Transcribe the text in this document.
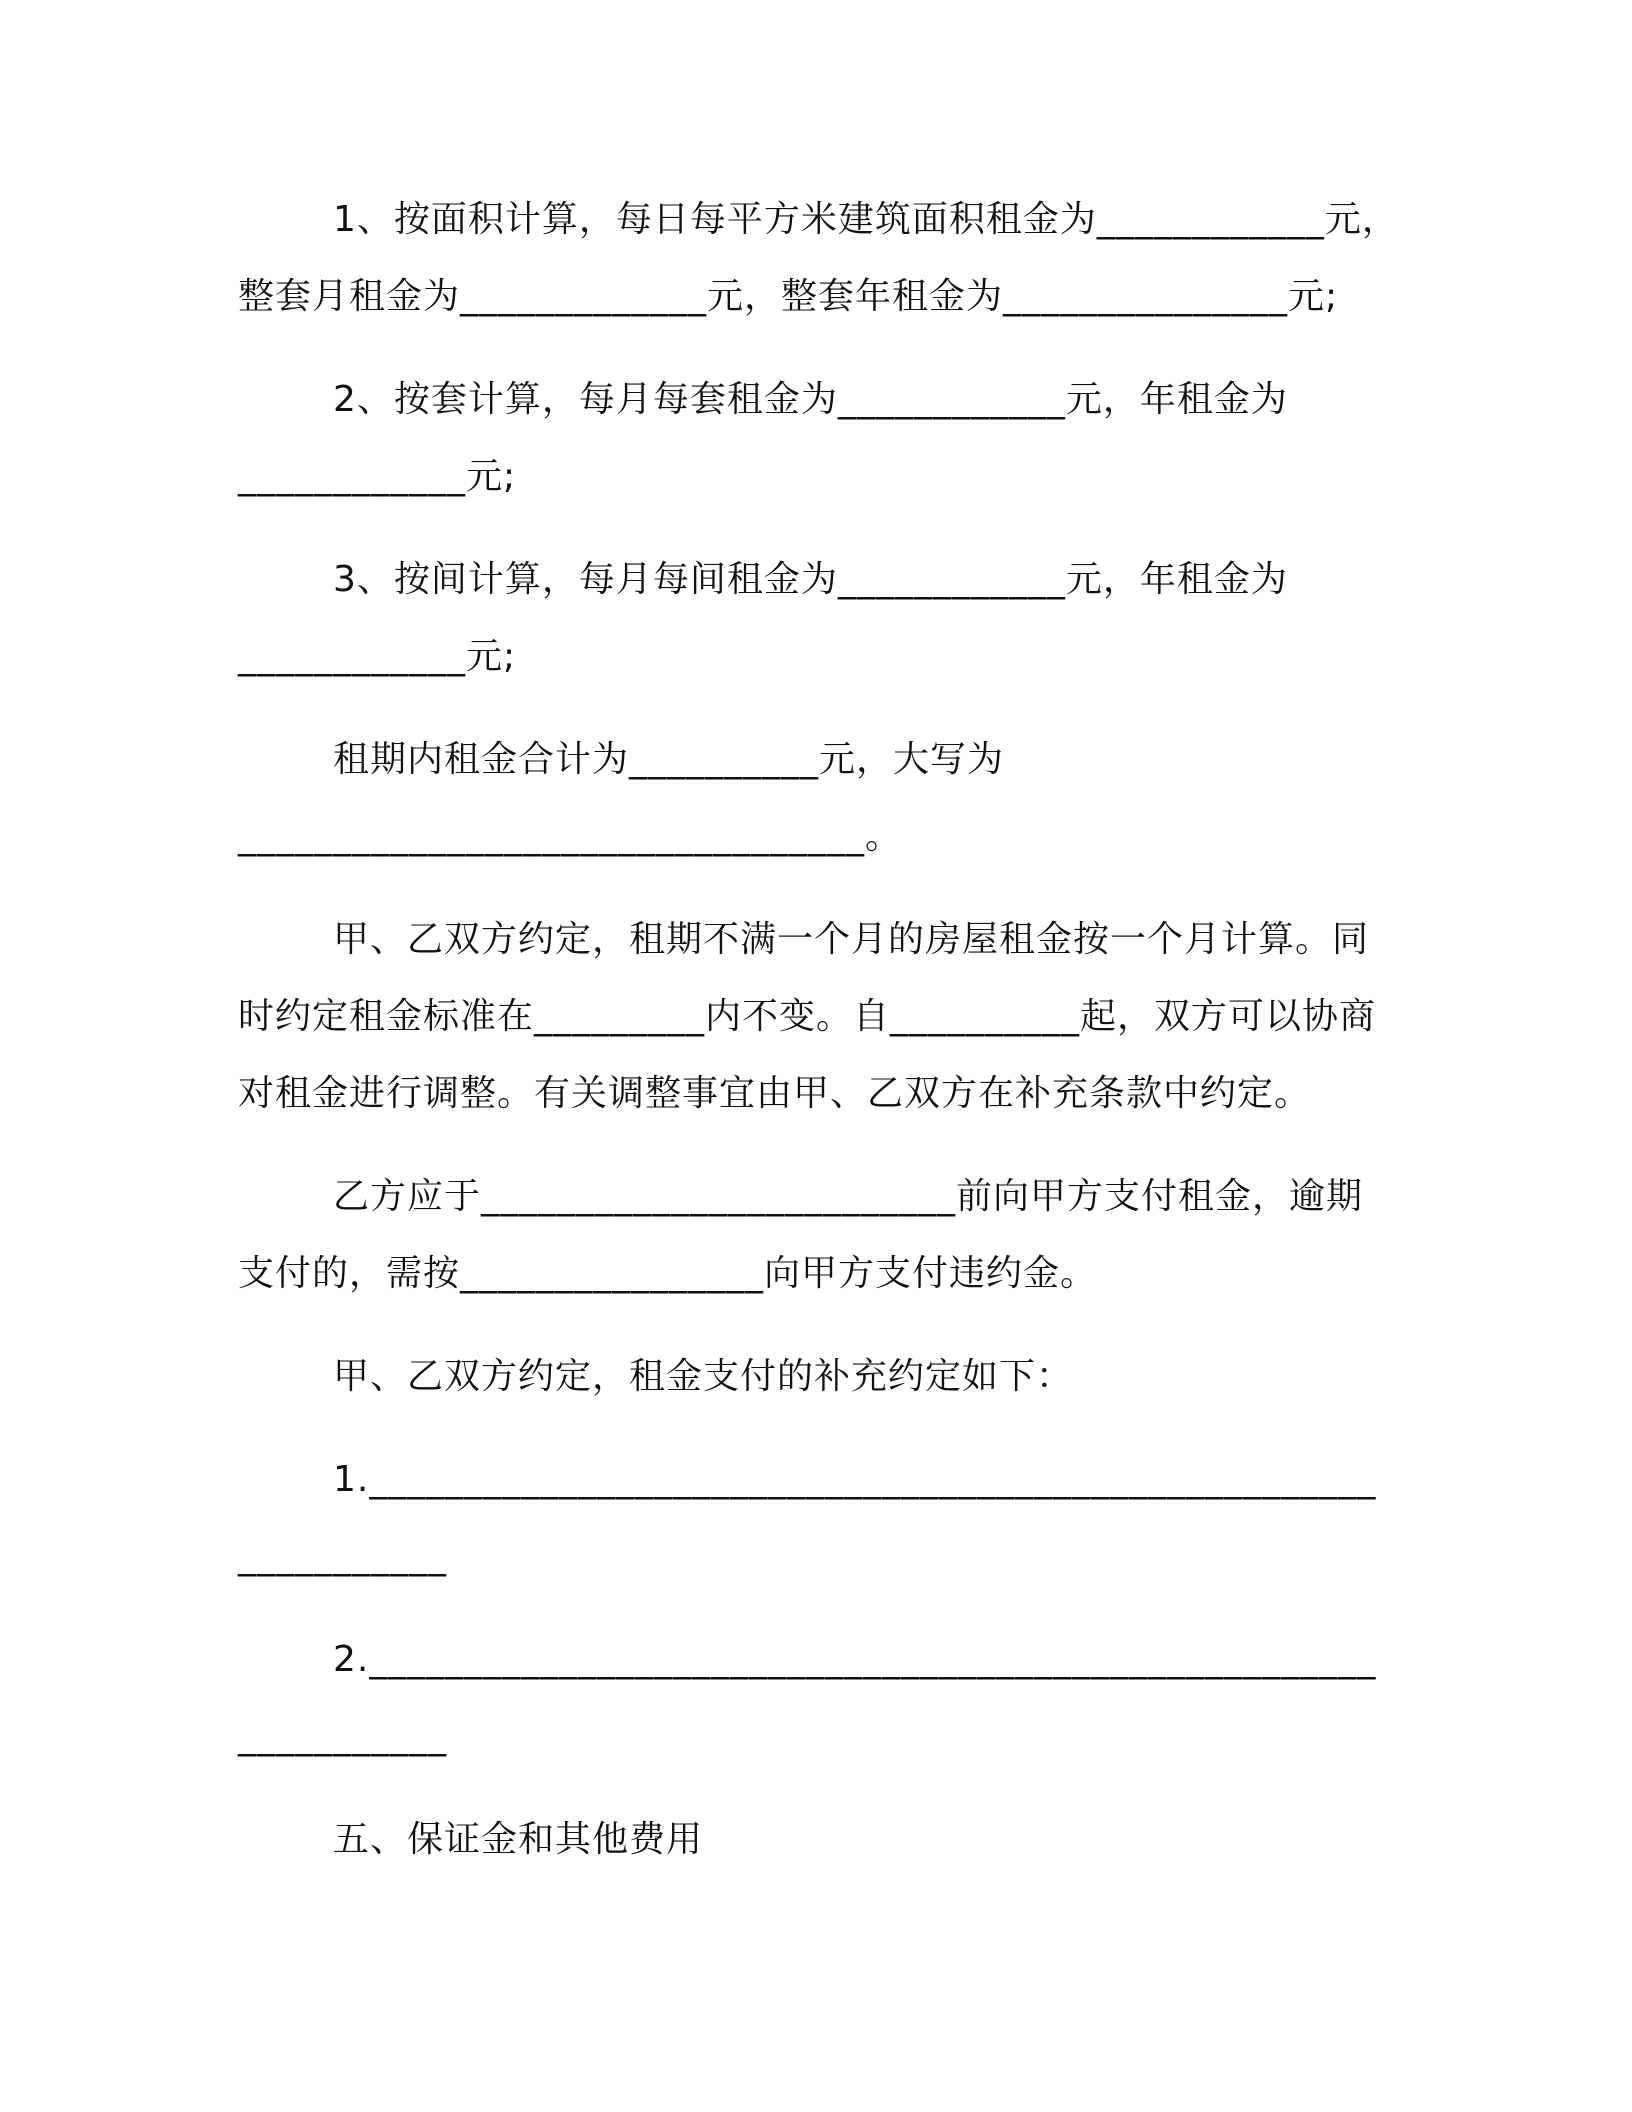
1、按面积计算，每日每平方米建筑面积租金为____________元，
整套月租金为_____________元，整套年租金为_______________元;
2、按套计算，每月每套租金为____________元，年租金为
____________元;
3、按间计算，每月每间租金为____________元，年租金为
____________元;
租期内租金合计为__________元，大写为
_________________________________。
甲、乙双方约定，租期不满一个月的房屋租金按一个月计算。同
时约定租金标准在_________内不变。自__________起，双方可以协商
对租金进行调整。有关调整事宜由甲、乙双方在补充条款中约定。
乙方应于_________________________前向甲方支付租金，逾期
支付的，需按________________向甲方支付违约金。
甲、乙双方约定，租金支付的补充约定如下：
1._____________________________________________________
___________
2._____________________________________________________
___________
五、保证金和其他费用
